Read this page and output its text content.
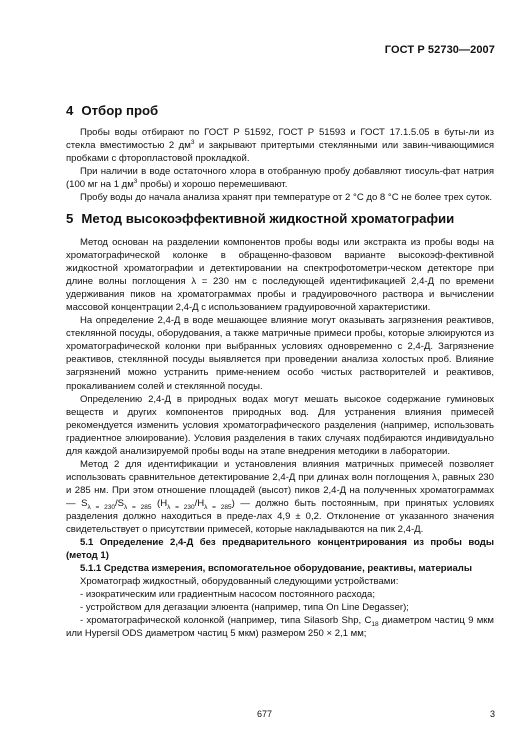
ГОСТ Р 52730—2007
4 Отбор проб

Пробы воды отбирают по ГОСТ Р 51592, ГОСТ Р 51593 и ГОСТ 17.1.5.05 в буты-ли из стекла вместимостью 2 $дм^3$ и закрывают притертыми стеклянными или завин-чивающимися пробками с фторопластовой прокладкой.

При наличии в воде остаточного хлора в отобранную пробу добавляют тиосуль-фат натрия (100 мг на 1 $дм^3$ пробы) и хорошо перемешивают.

Пробу воды до начала анализа хранят при температуре от 2 °С до 8 °С не более трех суток.

5 Метод высокоэффективной жидкостной хроматографии

Метод основан на разделении компонентов пробы воды или экстракта из пробы воды на хроматографической колонке в обращенно-фазовом варианте высокоэф-фективной жидкостной хроматографии и детектировании на спектрофотометри-ческом детекторе при длине волны поглощения λ = 230 нм с последующей идентификацией 2,4-Д по времени удерживания пиков на хроматограммах пробы и градуировочного раствора и вычислении массовой концентрации 2,4-Д с использованием градуировочной характеристики.

На определение 2,4-Д в воде мешающее влияние могут оказывать загрязнения реактивов, стеклянной посуды, оборудования, а также матричные примеси пробы, которые элюируются из хроматографической колонки при выбранных условиях одновременно с 2,4-Д. Загрязнение реактивов, стеклянной посуды выявляется при проведении анализа холостых проб. Влияние загрязнений можно устранить приме-нением особо чистых растворителей и реактивов, прокаливанием солей и стеклянной посуды.

Определению 2,4-Д в природных водах могут мешать высокое содержание гуминовых веществ и других компонентов природных вод. Для устранения влияния примесей рекомендуется изменить условия хроматографического разделения (например, использовать градиентное элюирование). Условия разделения в таких случаях подбираются индивидуально для каждой анализируемой пробы воды на этапе внедрения методики в лаборатории.

Метод 2 для идентификации и установления влияния матричных примесей позволяет использовать сравнительное детектирование 2,4-Д при длинах волн поглощения λ, равных 230 и 285 нм. При этом отношение площадей (высот) пиков 2,4-Д на полученных хроматограммах — $S_{\lambda = 230}/S_{\lambda = 285}$ $(H_{\lambda = 230}/H_{\lambda = 285})$ — должно быть постоянным, при принятых условиях разделения должно находиться в преде-лах 4,9 ± 0,2. Отклонение от указанного значения свидетельствует о присутствии примесей, которые накладываются на пик 2,4-Д.

5.1 Определение 2,4-Д без предварительного концентрирования из пробы воды (метод 1)

5.1.1 Средства измерения, вспомогательное оборудование, реактивы, материалы

Хроматограф жидкостный, оборудованный следующими устройствами:

- изократическим или градиентным насосом постоянного расхода;

- устройством для дегазации элюента (например, типа On Line Degasser);

- хроматографической колонкой (например, типа Silasorb Shp, $C_{18}$ диаметром частиц 9 мкм или Hypersil ODS диаметром частиц 5 мкм) размером 250 × 2,1 мм;

677	3
